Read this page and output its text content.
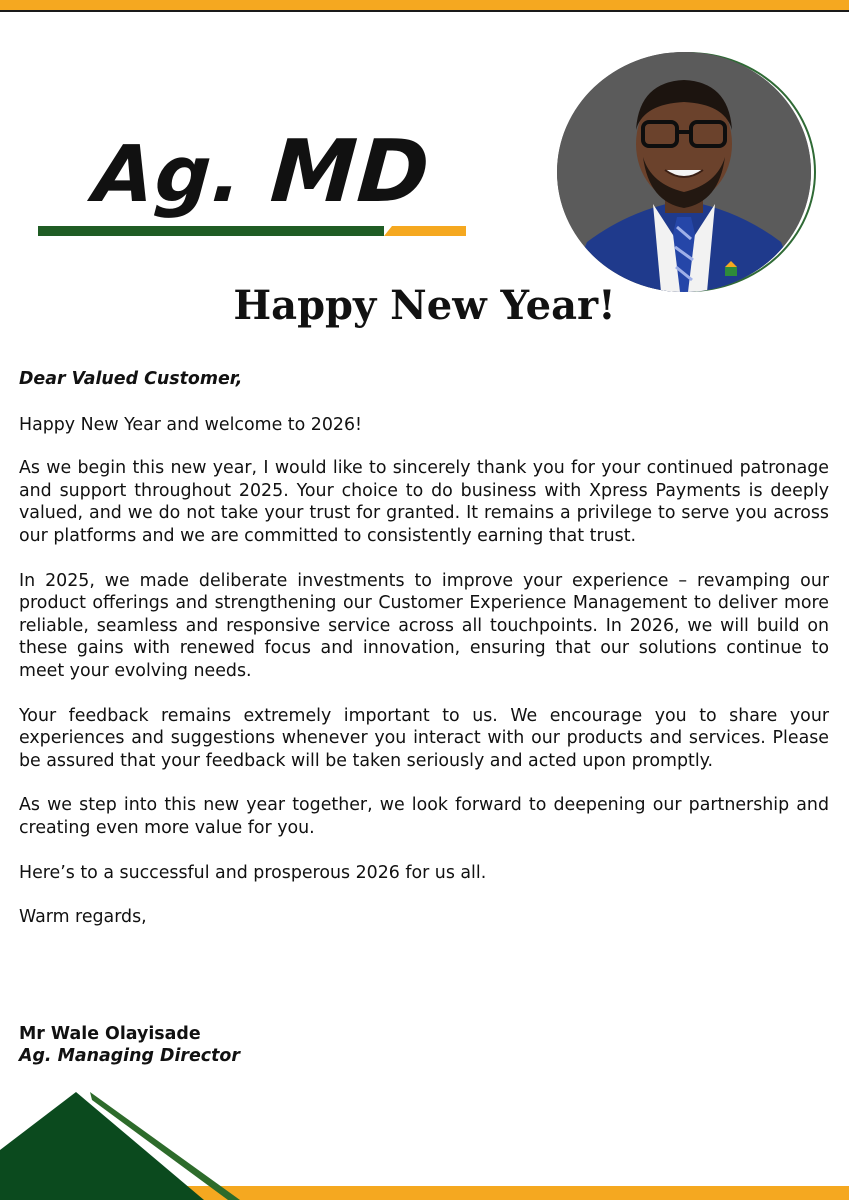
Ag. MD
Happy New Year!

Dear Valued Customer,

Happy New Year and welcome to 2026!

As we begin this new year, I would like to sincerely thank you for your continued patronage and support throughout 2025. Your choice to do business with Xpress Payments is deeply valued, and we do not take your trust for granted. It remains a privilege to serve you across our platforms and we are committed to consistently earning that trust.

In 2025, we made deliberate investments to improve your experience – revamping our product offerings and strengthening our Customer Experience Management to deliver more reliable, seamless and responsive service across all touchpoints. In 2026, we will build on these gains with renewed focus and innovation, ensuring that our solutions continue to meet your evolving needs.

Your feedback remains extremely important to us. We encourage you to share your experiences and suggestions whenever you interact with our products and services. Please be assured that your feedback will be taken seriously and acted upon promptly.

As we step into this new year together, we look forward to deepening our partnership and creating even more value for you.

Here’s to a successful and prosperous 2026 for us all.

Warm regards,

Mr Wale Olayisade
Ag. Managing Director
